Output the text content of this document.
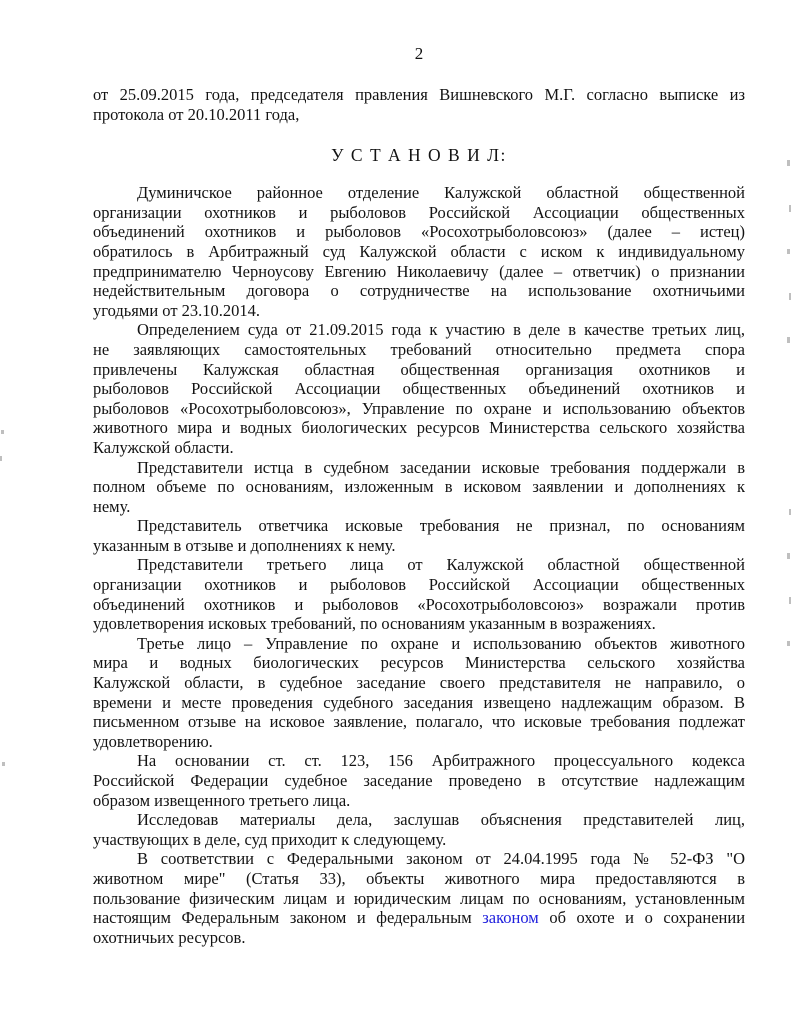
2
от 25.09.2015 года, председателя правления Вишневского М.Г. согласно выписке из
протокола от 20.10.2011 года,
У С Т А Н О В И Л:
Думиничское районное отделение Калужской областной общественной
организации охотников и рыболовов Российской Ассоциации общественных
объединений охотников и рыболовов «Росохотрыболовсоюз» (далее – истец)
обратилось в Арбитражный суд Калужской области с иском к индивидуальному
предпринимателю Черноусову Евгению Николаевичу (далее – ответчик) о признании
недействительным договора о сотрудничестве на использование охотничьими
угодьями от 23.10.2014.
Определением суда от 21.09.2015 года к участию в деле в качестве третьих лиц,
не заявляющих самостоятельных требований относительно предмета спора
привлечены Калужская областная общественная организация охотников и
рыболовов Российской Ассоциации общественных объединений охотников и
рыболовов «Росохотрыболовсоюз», Управление по охране и использованию объектов
животного мира и водных биологических ресурсов Министерства сельского хозяйства
Калужской области.
Представители истца в судебном заседании исковые требования поддержали в
полном объеме по основаниям, изложенным в исковом заявлении и дополнениях к
нему.
Представитель ответчика исковые требования не признал, по основаниям
указанным в отзыве и дополнениях к нему.
Представители третьего лица от Калужской областной общественной
организации охотников и рыболовов Российской Ассоциации общественных
объединений охотников и рыболовов «Росохотрыболовсоюз» возражали против
удовлетворения исковых требований, по основаниям указанным в возражениях.
Третье лицо – Управление по охране и использованию объектов животного
мира и водных биологических ресурсов Министерства сельского хозяйства
Калужской области, в судебное заседание своего представителя не направило, о
времени и месте проведения судебного заседания извещено надлежащим образом. В
письменном отзыве на исковое заявление, полагало, что исковые требования подлежат
удовлетворению.
На основании ст. ст. 123, 156 Арбитражного процессуального кодекса
Российской Федерации судебное заседание проведено в отсутствие надлежащим
образом извещенного третьего лица.
Исследовав материалы дела, заслушав объяснения представителей лиц,
участвующих в деле, суд приходит к следующему.
В соответствии с Федеральными законом от 24.04.1995 года № 52-ФЗ "О
животном мире" (Статья 33), объекты животного мира предоставляются в
пользование физическим лицам и юридическим лицам по основаниям, установленным
настоящим Федеральным законом и федеральным законом об охоте и о сохранении
охотничьих ресурсов.
